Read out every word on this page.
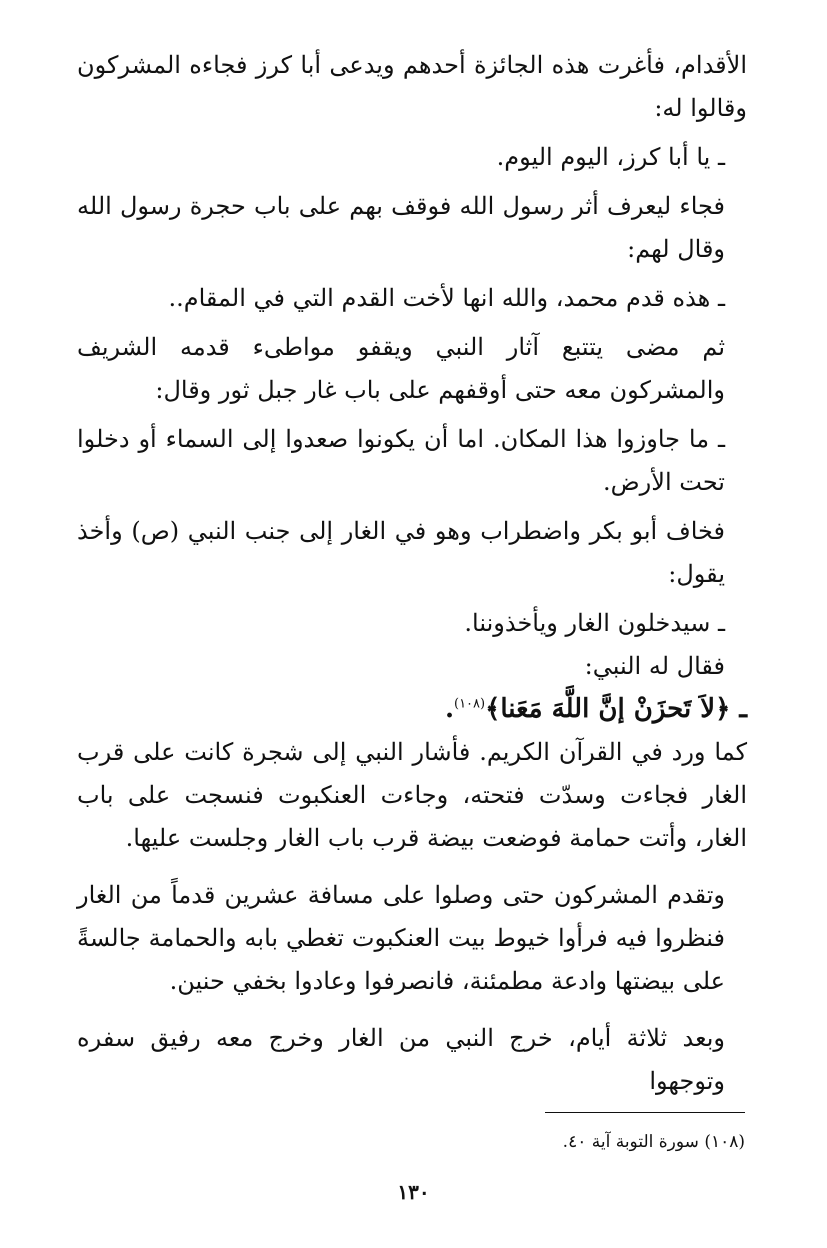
الأقدام، فأغرت هذه الجائزة أحدهم ويدعى أبا كرز فجاءه المشركون وقالوا له:

ـ يا أبا كرز، اليوم اليوم.

فجاء ليعرف أثر رسول الله فوقف بهم على باب حجرة رسول الله وقال لهم:

ـ هذه قدم محمد، والله انها لأخت القدم التي في المقام..

ثم مضى يتتبع آثار النبي ويقفو مواطىء قدمه الشريف والمشركون معه حتى أوقفهم على باب غار جبل ثور وقال:

ـ ما جاوزوا هذا المكان. اما أن يكونوا صعدوا إلى السماء أو دخلوا تحت الأرض.

فخاف أبو بكر واضطراب وهو في الغار إلى جنب النبي (ص) وأخذ يقول:

ـ سيدخلون الغار ويأخذوننا.

فقال له النبي:

ـ ﴿لاَ تَحزَنْ إنَّ اللَّهَ مَعَنا﴾$^{(١٠٨)}$.

كما ورد في القرآن الكريم. فأشار النبي إلى شجرة كانت على قرب الغار فجاءت وسدّت فتحته، وجاءت العنكبوت فنسجت على باب الغار، وأتت حمامة فوضعت بيضة قرب باب الغار وجلست عليها.

وتقدم المشركون حتى وصلوا على مسافة عشرين قدماً من الغار فنظروا فيه فرأوا خيوط بيت العنكبوت تغطي بابه والحمامة جالسةً على بيضتها وادعة مطمئنة، فانصرفوا وعادوا بخفي حنين.

وبعد ثلاثة أيام، خرج النبي من الغار وخرج معه رفيق سفره وتوجهوا

(١٠٨) سورة التوبة آية ٤٠.

١٣٠
